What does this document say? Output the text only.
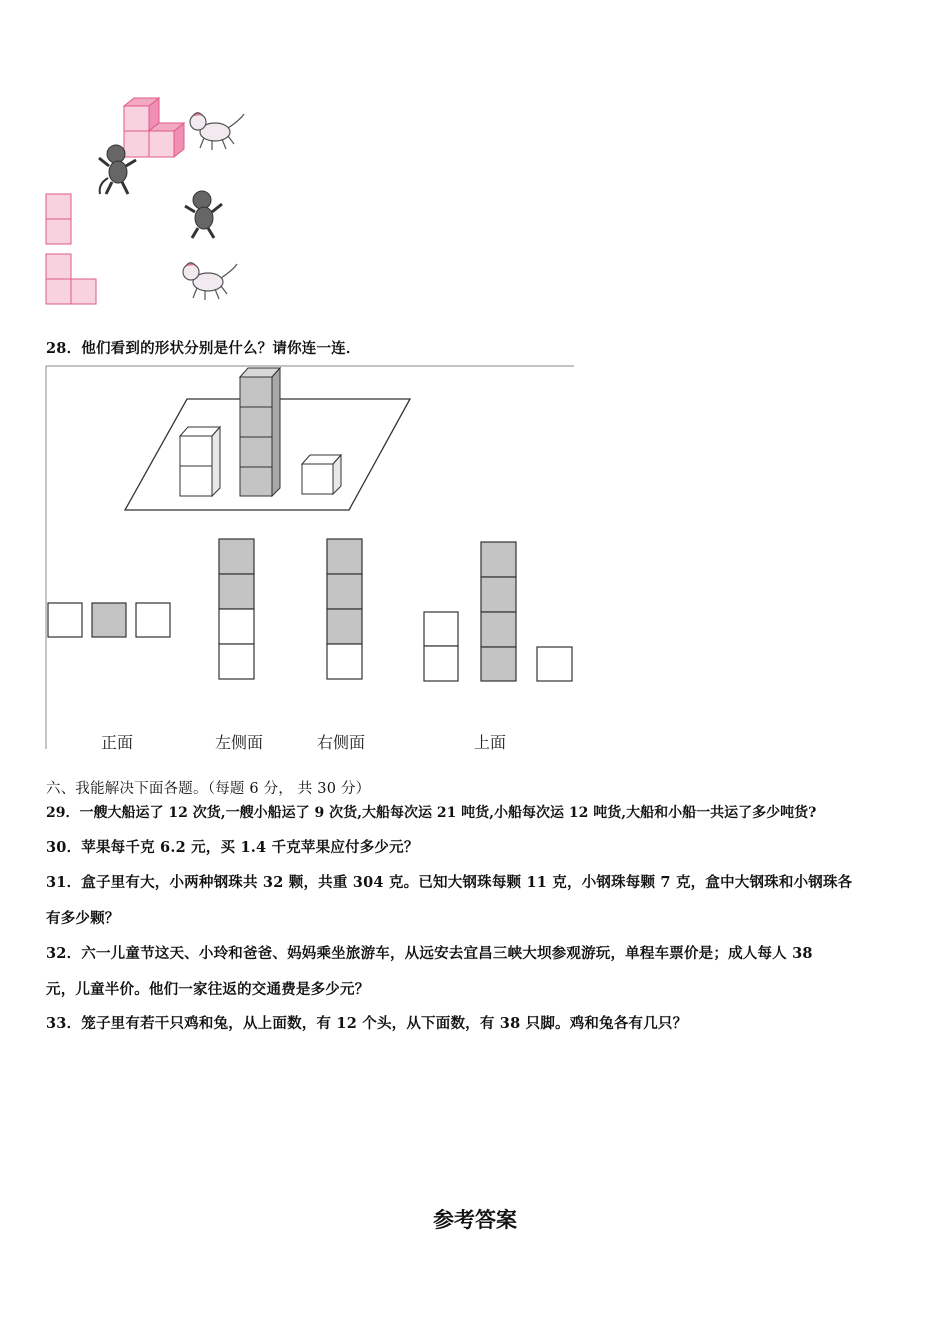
28．他们看到的形状分别是什么？请你连一连．
正面	左侧面	右侧面	上面
六、我能解决下面各题。（每题 6 分， 共 30 分）
29．一艘大船运了 12 次货,一艘小船运了 9 次货,大船每次运 21 吨货,小船每次运 12 吨货,大船和小船一共运了多少吨货?
30．苹果每千克 6.2 元，买 1.4 千克苹果应付多少元？
31．盒子里有大，小两种钢珠共 32 颗，共重 304 克。已知大钢珠每颗 11 克，小钢珠每颗 7 克，盒中大钢珠和小钢珠各
有多少颗？
32．六一儿童节这天、小玲和爸爸、妈妈乘坐旅游车，从远安去宜昌三峡大坝参观游玩，单程车票价是；成人每人 38
元，儿童半价。他们一家往返的交通费是多少元？
33．笼子里有若干只鸡和兔，从上面数，有 12 个头，从下面数，有 38 只脚。鸡和兔各有几只？
参考答案
